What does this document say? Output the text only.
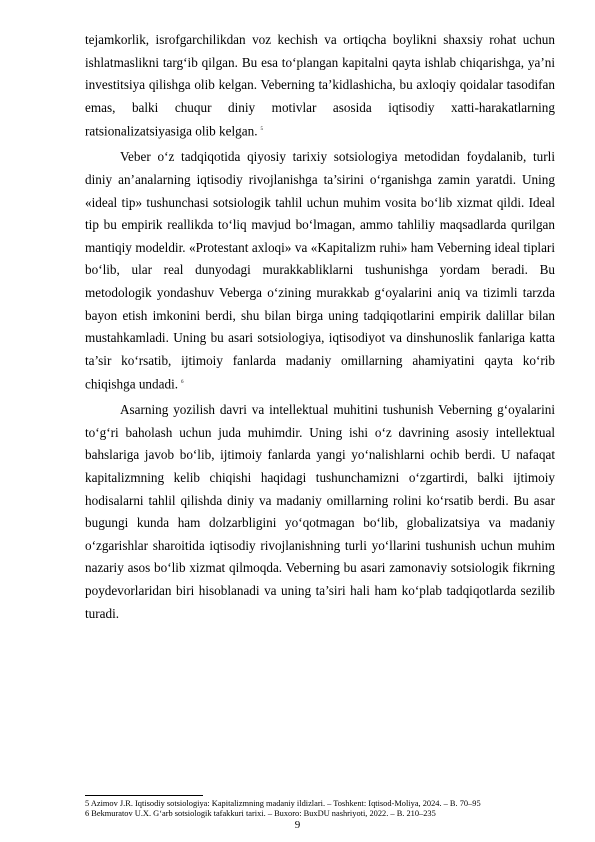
tejamkorlik, isrofgarchilikdan voz kechish va ortiqcha boylikni shaxsiy rohat uchun ishlatmaslikni targ‘ib qilgan. Bu esa to‘plangan kapitalni qayta ishlab chiqarishga, ya’ni investitsiya qilishga olib kelgan. Veberning ta’kidlashicha, bu axloqiy qoidalar tasodifan emas, balki chuqur diniy motivlar asosida iqtisodiy xatti-harakatlarning ratsionalizatsiyasiga olib kelgan. $^5$

Veber o‘z tadqiqotida qiyosiy tarixiy sotsiologiya metodidan foydalanib, turli diniy an’analarning iqtisodiy rivojlanishga ta’sirini o‘rganishga zamin yaratdi. Uning «ideal tip» tushunchasi sotsiologik tahlil uchun muhim vosita bo‘lib xizmat qildi. Ideal tip bu empirik reallikda to‘liq mavjud bo‘lmagan, ammo tahliliy maqsadlarda qurilgan mantiqiy modeldir. «Protestant axloqi» va «Kapitalizm ruhi» ham Veberning ideal tiplari bo‘lib, ular real dunyodagi murakkabliklarni tushunishga yordam beradi. Bu metodologik yondashuv Veberga o‘zining murakkab g‘oyalarini aniq va tizimli tarzda bayon etish imkonini berdi, shu bilan birga uning tadqiqotlarini empirik dalillar bilan mustahkamladi. Uning bu asari sotsiologiya, iqtisodiyot va dinshunoslik fanlariga katta ta’sir ko‘rsatib, ijtimoiy fanlarda madaniy omillarning ahamiyatini qayta ko‘rib chiqishga undadi. $^6$

Asarning yozilish davri va intellektual muhitini tushunish Veberning g‘oyalarini to‘g‘ri baholash uchun juda muhimdir. Uning ishi o‘z davrining asosiy intellektual bahslariga javob bo‘lib, ijtimoiy fanlarda yangi yo‘nalishlarni ochib berdi. U nafaqat kapitalizmning kelib chiqishi haqidagi tushunchamizni o‘zgartirdi, balki ijtimoiy hodisalarni tahlil qilishda diniy va madaniy omillarning rolini ko‘rsatib berdi. Bu asar bugungi kunda ham dolzarbligini yo‘qotmagan bo‘lib, globalizatsiya va madaniy o‘zgarishlar sharoitida iqtisodiy rivojlanishning turli yo‘llarini tushunish uchun muhim nazariy asos bo‘lib xizmat qilmoqda. Veberning bu asari zamonaviy sotsiologik fikrning poydevorlaridan biri hisoblanadi va uning ta’siri hali ham ko‘plab tadqiqotlarda sezilib turadi.

5 Azimov J.R. Iqtisodiy sotsiologiya: Kapitalizmning madaniy ildizlari. – Toshkent: Iqtisod-Moliya, 2024. – B. 70–95

6 Bekmuratov U.X. G‘arb sotsiologik tafakkuri tarixi. – Buxoro: BuxDU nashriyoti, 2022. – B. 210–235

9
